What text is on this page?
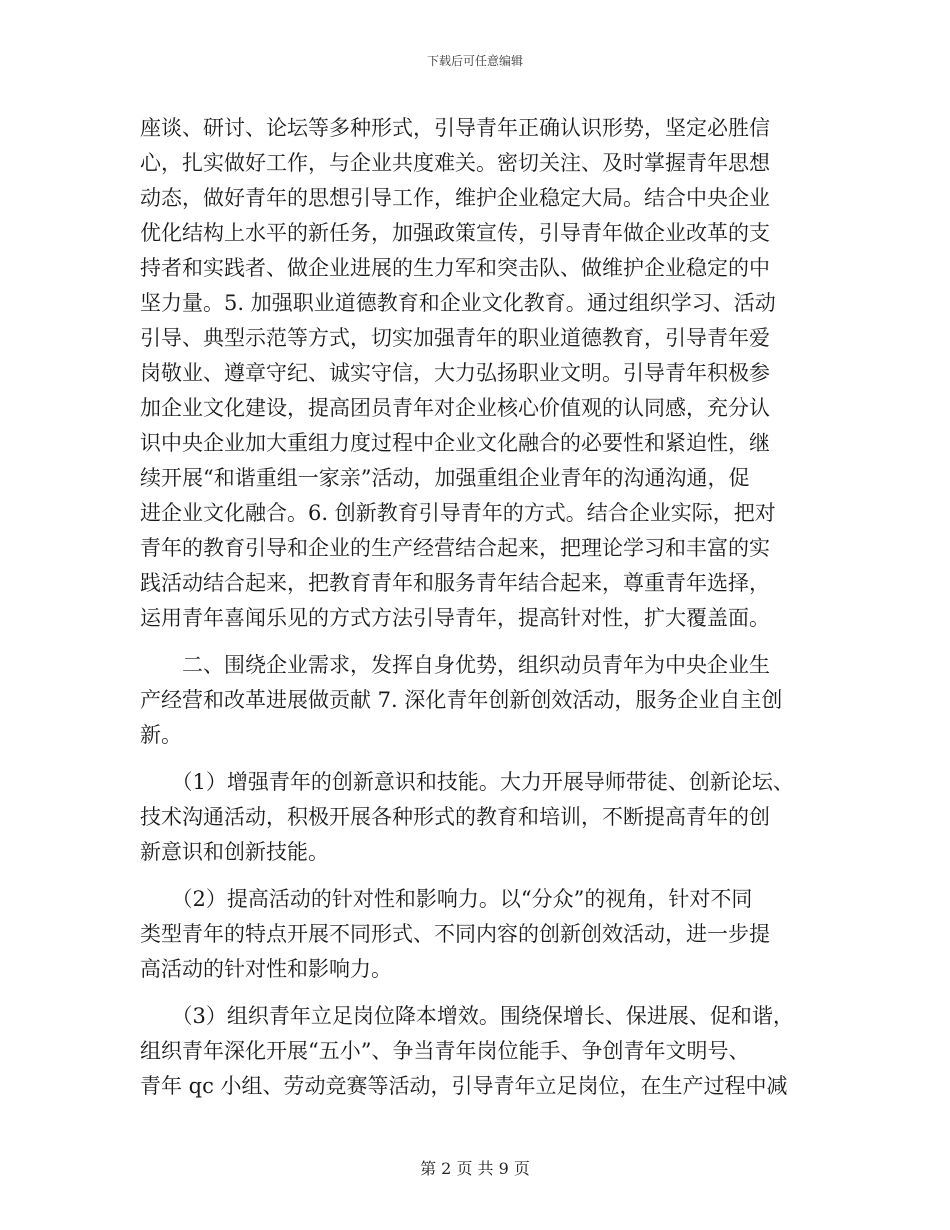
下载后可任意编辑
座谈、研讨、论坛等多种形式，引导青年正确认识形势，坚定必胜信
心，扎实做好工作，与企业共度难关。密切关注、及时掌握青年思想
动态，做好青年的思想引导工作，维护企业稳定大局。结合中央企业
优化结构上水平的新任务，加强政策宣传，引导青年做企业改革的支
持者和实践者、做企业进展的生力军和突击队、做维护企业稳定的中
坚力量。5. 加强职业道德教育和企业文化教育。通过组织学习、活动
引导、典型示范等方式，切实加强青年的职业道德教育，引导青年爱
岗敬业、遵章守纪、诚实守信，大力弘扬职业文明。引导青年积极参
加企业文化建设，提高团员青年对企业核心价值观的认同感，充分认
识中央企业加大重组力度过程中企业文化融合的必要性和紧迫性，继
续开展“和谐重组一家亲”活动，加强重组企业青年的沟通沟通，促
进企业文化融合。6. 创新教育引导青年的方式。结合企业实际，把对
青年的教育引导和企业的生产经营结合起来，把理论学习和丰富的实
践活动结合起来，把教育青年和服务青年结合起来，尊重青年选择，
运用青年喜闻乐见的方式方法引导青年，提高针对性，扩大覆盖面。
　　二、围绕企业需求，发挥自身优势，组织动员青年为中央企业生
产经营和改革进展做贡献 7. 深化青年创新创效活动，服务企业自主创
新。
　　（1）增强青年的创新意识和技能。大力开展导师带徒、创新论坛、
技术沟通活动，积极开展各种形式的教育和培训，不断提高青年的创
新意识和创新技能。
　　（2）提高活动的针对性和影响力。以“分众”的视角，针对不同
类型青年的特点开展不同形式、不同内容的创新创效活动，进一步提
高活动的针对性和影响力。
　　（3）组织青年立足岗位降本增效。围绕保增长、保进展、促和谐，
组织青年深化开展“五小”、争当青年岗位能手、争创青年文明号、
青年 qc 小组、劳动竞赛等活动，引导青年立足岗位，在生产过程中减
第 2 页 共 9 页
